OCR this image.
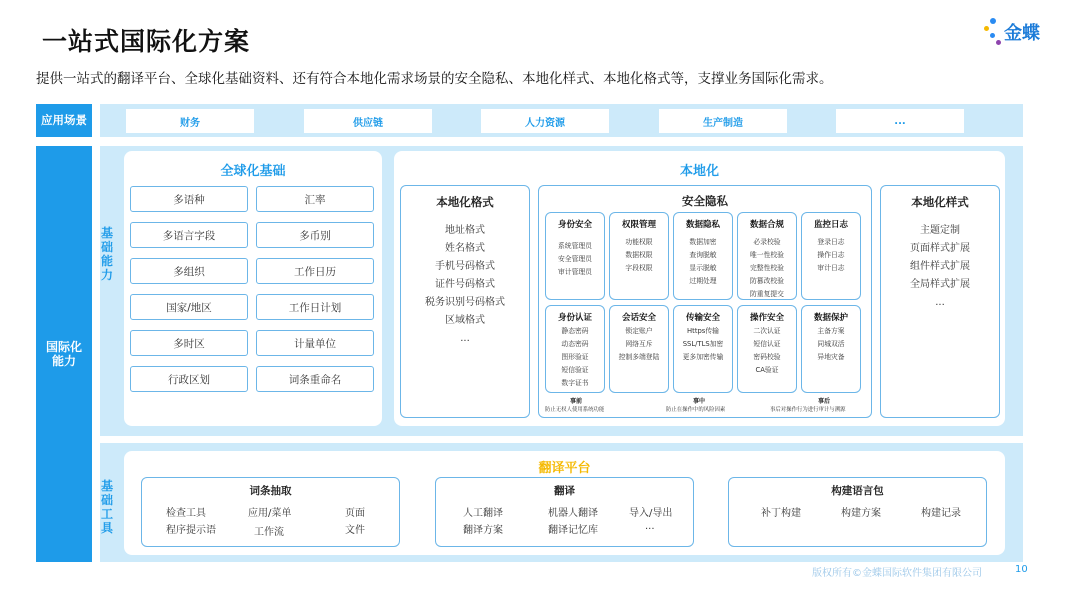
一站式国际化方案	金蝶
提供一站式的翻译平台、全球化基础资料、还有符合本地化需求场景的安全隐私、本地化样式、本地化格式等，支撑业务国际化需求。
应用场景	财务	供应链	人力资源	生产制造	...
国际化能力
基础能力
全球化基础
多语种	汇率
多语言字段	多币别
多组织	工作日历
国家/地区	工作日计划
多时区	计量单位
行政区划	词条重命名
本地化
本地化格式
地址格式
姓名格式
手机号码格式
证件号码格式
税务识别号码格式
区域格式
...
安全隐私
身份安全
系统管理员
安全管理员
审计管理员
权限管理
功能权限
数据权限
字段权限
数据隐私
数据加密
查询脱敏
显示脱敏
过期处理
数据合规
必录校验
唯一性校验
完整性校验
防篡改校验
防重复提交
监控日志
登录日志
操作日志
审计日志
身份认证
静态密码
动态密码
图形验证
短信验证
数字证书
会话安全
锁定账户
网络互斥
控制多端登陆
传输安全
Https传输
SSL/TLS加密
更多加密传输
操作安全
二次认证
短信认证
密码校验
CA验证
数据保护
主备方案
同城双活
异地灾备
事前	事中	事后
防止无权人使用系统功能	防止在操作中的风险因素	事后对操作行为进行审计与溯源
本地化样式
主题定制
页面样式扩展
组件样式扩展
全局样式扩展
...
基础工具
翻译平台
词条抽取
检查工具	应用/菜单	页面
程序提示语	工作流	文件
翻译
人工翻译	机器人翻译	导入/导出
翻译方案	翻译记忆库	...
构建语言包
补丁构建	构建方案	构建记录
版权所有©金蝶国际软件集团有限公司	10
